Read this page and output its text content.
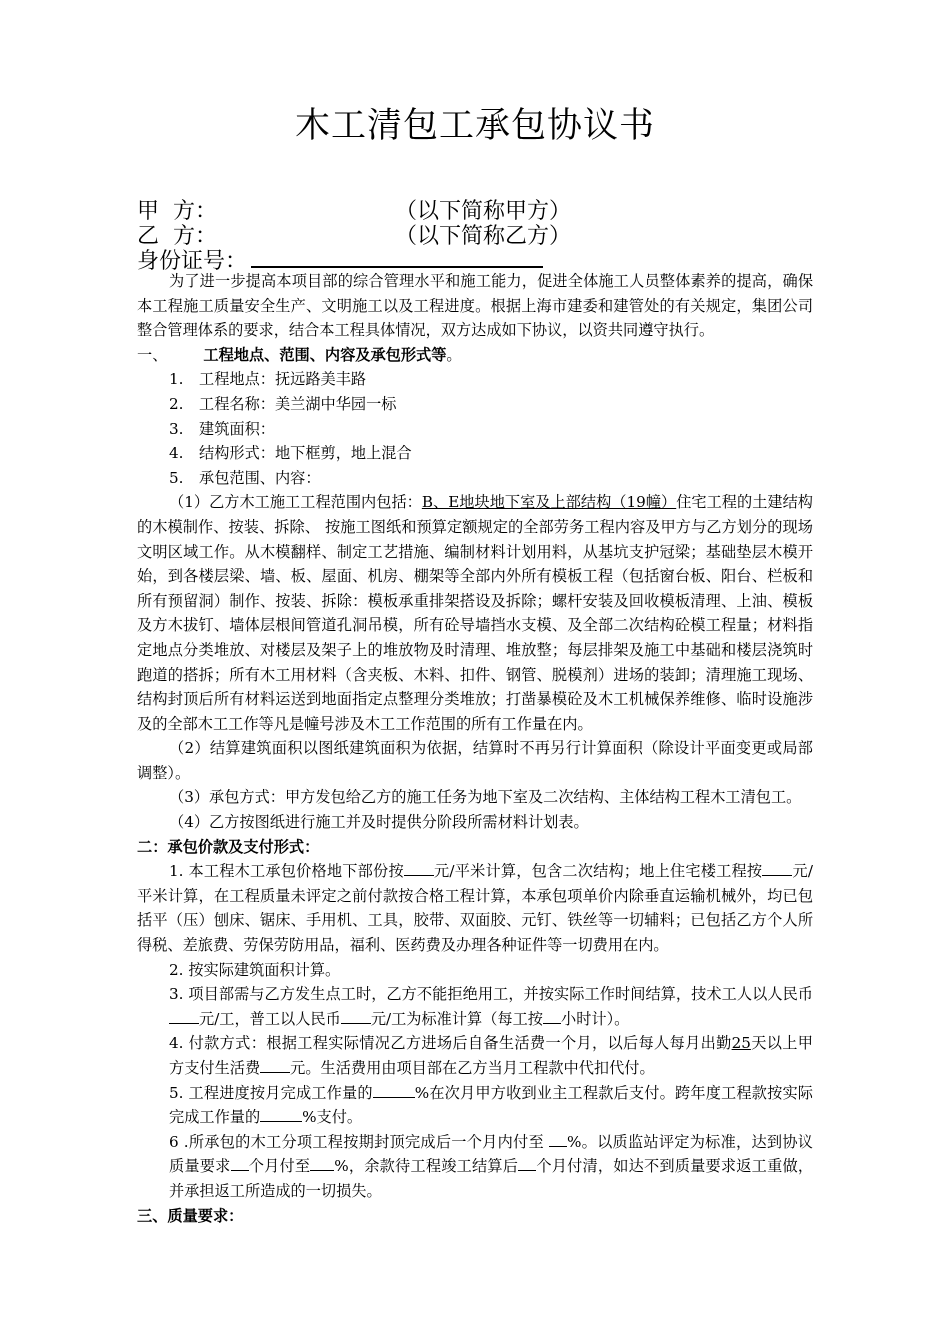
木工清包工承包协议书
甲  方：	（以下简称甲方）
乙  方：	（以下简称乙方）
身份证号：

为了进一步提高本项目部的综合管理水平和施工能力，促进全体施工人员整体素养的提高，确保本工程施工质量安全生产、文明施工以及工程进度。根据上海市建委和建管处的有关规定，集团公司整合管理体系的要求，结合本工程具体情况，双方达成如下协议，以资共同遵守执行。

一、 工程地点、范围、内容及承包形式等。

1. 工程地点：抚远路美丰路

2. 工程名称：美兰湖中华园一标

3. 建筑面积：

4. 结构形式：地下框剪，地上混合

5. 承包范围、内容：

（1）乙方木工施工工程范围内包括：B、E地块地下室及上部结构（19幢）住宅工程的土建结构的木模制作、按装、拆除、 按施工图纸和预算定额规定的全部劳务工程内容及甲方与乙方划分的现场文明区域工作。从木模翻样、制定工艺措施、编制材料计划用料，从基坑支护冠梁；基础垫层木模开始，到各楼层梁、墙、板、屋面、机房、棚架等全部内外所有模板工程（包括窗台板、阳台、栏板和所有预留洞）制作、按装、拆除：模板承重排架搭设及拆除；螺杆安装及回收模板清理、上油、模板及方木拔钉、墙体层根间管道孔洞吊模，所有砼导墙挡水支模、及全部二次结构砼模工程量；材料指定地点分类堆放、对楼层及架子上的堆放物及时清理、堆放整；每层排架及施工中基础和楼层浇筑时跑道的搭拆；所有木工用材料（含夹板、木料、扣件、钢管、脱模剂）进场的装卸；清理施工现场、结构封顶后所有材料运送到地面指定点整理分类堆放；打凿暴模砼及木工机械保养维修、临时设施涉及的全部木工工作等凡是幢号涉及木工工作范围的所有工作量在内。

（2）结算建筑面积以图纸建筑面积为依据，结算时不再另行计算面积（除设计平面变更或局部调整）。

（3）承包方式：甲方发包给乙方的施工任务为地下室及二次结构、主体结构工程木工清包工。

（4）乙方按图纸进行施工并及时提供分阶段所需材料计划表。

二：承包价款及支付形式：

1. 本工程木工承包价格地下部份按 元/平米计算，包含二次结构；地上住宅楼工程按 元/平米计算，在工程质量未评定之前付款按合格工程计算，本承包项单价内除垂直运输机械外，均已包括平（压）刨床、锯床、手用机、工具，胶带、双面胶、元钉、铁丝等一切辅料；已包括乙方个人所得税、差旅费、劳保劳防用品，福利、医药费及办理各种证件等一切费用在内。

2. 按实际建筑面积计算。

3. 项目部需与乙方发生点工时，乙方不能拒绝用工，并按实际工作时间结算，技术工人以人民币元/工，普工以人民币 元/工为标准计算（每工按 小时计）。

4. 付款方式：根据工程实际情况乙方进场后自备生活费一个月，以后每人每月出勤25天以上甲方支付生活费 元。生活费用由项目部在乙方当月工程款中代扣代付。

5. 工程进度按月完成工作量的	%在次月甲方收到业主工程款后支付。跨年度工程款按实际完成工作量的	%支付。

6 .所承包的木工分项工程按期封顶完成后一个月内付至 %。以质监站评定为标准，达到协议质量要求 个月付至 %，余款待工程竣工结算后 个月付清，如达不到质量要求返工重做，并承担返工所造成的一切损失。

三、质量要求：
